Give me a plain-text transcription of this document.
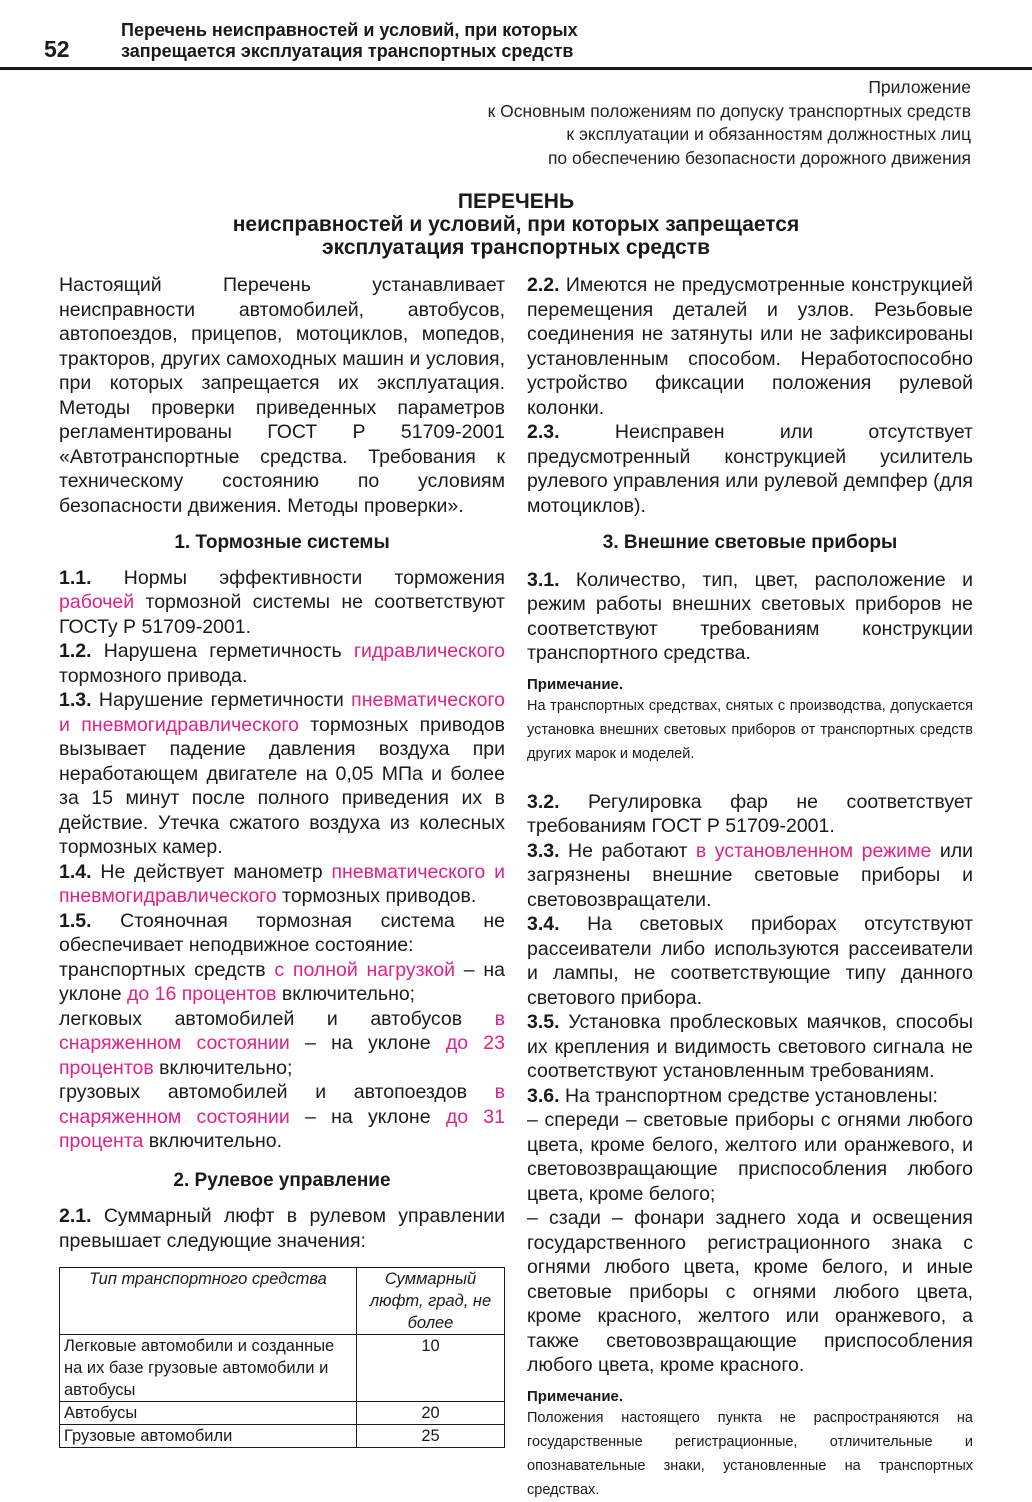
52
Перечень неисправностей и условий, при которых
запрещается эксплуатация транспортных средств
Приложение
к Основным положениям по допуску транспортных средств
к эксплуатации и обязанностям должностных лиц
по обеспечению безопасности дорожного движения
ПЕРЕЧЕНЬ
неисправностей и условий, при которых запрещается
эксплуатация транспортных средств

Настоящий Перечень устанавливает неисправности автомобилей, автобусов, автопоездов, прицепов, мотоциклов, мопедов, тракторов, других самоходных машин и условия, при которых запрещается их эксплуатация. Методы проверки приведенных параметров регламентированы ГОСТ Р 51709-2001 «Автотранспортные средства. Требования к техническому состоянию по условиям безопасности движения. Методы проверки».

1. Тормозные системы

1.1. Нормы эффективности торможения рабочей тормозной системы не соответствуют ГОСТу Р 51709-2001.

1.2. Нарушена герметичность гидравлического тормозного привода.

1.3. Нарушение герметичности пневматического и пневмогидравлического тормозных приводов вызывает падение давления воздуха при неработающем двигателе на 0,05 МПа и более за 15 минут после полного приведения их в действие. Утечка сжатого воздуха из колесных тормозных камер.

1.4. Не действует манометр пневматического и пневмогидравлического тормозных приводов.

1.5. Стояночная тормозная система не обеспечивает неподвижное состояние:

транспортных средств с полной нагрузкой – на уклоне до 16 процентов включительно;

легковых автомобилей и автобусов в снаряженном состоянии – на уклоне до 23 процентов включительно;

грузовых автомобилей и автопоездов в снаряженном состоянии – на уклоне до 31 процента включительно.

2. Рулевое управление

2.1. Суммарный люфт в рулевом управлении превышает следующие значения:

Тип транспортного средства	Суммарный люфт, град, не более
Легковые автомобили и созданные на их базе грузовые автомобили и автобусы	10
Автобусы	20
Грузовые автомобили	25

2.2. Имеются не предусмотренные конструкцией перемещения деталей и узлов. Резьбовые соединения не затянуты или не зафиксированы установленным способом. Неработоспособно устройство фиксации положения рулевой колонки.

2.3. Неисправен или отсутствует предусмотренный конструкцией усилитель рулевого управления или рулевой демпфер (для мотоциклов).

3. Внешние световые приборы

3.1. Количество, тип, цвет, расположение и режим работы внешних световых приборов не соответствуют требованиям конструкции транспортного средства.

Примечание.
На транспортных средствах, снятых с производства, допускается установка внешних световых приборов от транспортных средств других марок и моделей.

3.2. Регулировка фар не соответствует требованиям ГОСТ Р 51709-2001.

3.3. Не работают в установленном режиме или загрязнены внешние световые приборы и световозвращатели.

3.4. На световых приборах отсутствуют рассеиватели либо используются рассеиватели и лампы, не соответствующие типу данного светового прибора.

3.5. Установка проблесковых маячков, способы их крепления и видимость светового сигнала не соответствуют установленным требованиям.

3.6. На транспортном средстве установлены:

– спереди – световые приборы с огнями любого цвета, кроме белого, желтого или оранжевого, и световозвращающие приспособления любого цвета, кроме белого;

– сзади – фонари заднего хода и освещения государственного регистрационного знака с огнями любого цвета, кроме белого, и иные световые приборы с огнями любого цвета, кроме красного, желтого или оранжевого, а также световозвращающие приспособления любого цвета, кроме красного.

Примечание.
Положения настоящего пункта не распространяются на государственные регистрационные, отличительные и опознавательные знаки, установленные на транспортных средствах.
